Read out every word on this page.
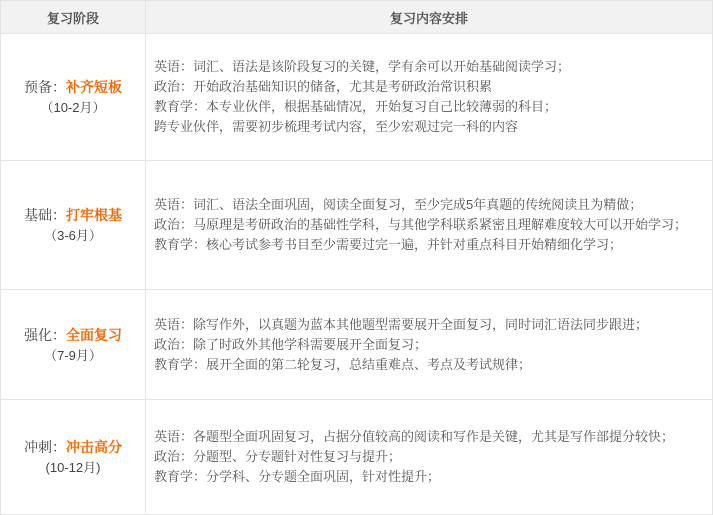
复习阶段	复习内容安排
预备：补齐短板
（10-2月）
英语：词汇、语法是该阶段复习的关键，学有余可以开始基础阅读学习；
政治：开始政治基础知识的储备，尤其是考研政治常识积累
教育学：本专业伙伴，根据基础情况，开始复习自己比较薄弱的科目；
跨专业伙伴，需要初步梳理考试内容，至少宏观过完一科的内容
基础：打牢根基
（3-6月）
英语：词汇、语法全面巩固，阅读全面复习，至少完成5年真题的传统阅读且为精做；
政治：马原理是考研政治的基础性学科，与其他学科联系紧密且理解难度较大可以开始学习；
教育学：核心考试参考书目至少需要过完一遍，并针对重点科目开始精细化学习；
强化：全面复习
（7-9月）
英语：除写作外，以真题为蓝本其他题型需要展开全面复习，同时词汇语法同步跟进；
政治：除了时政外其他学科需要展开全面复习；
教育学：展开全面的第二轮复习，总结重难点、考点及考试规律；
冲刺：冲击高分
(10-12月)
英语：各题型全面巩固复习，占据分值较高的阅读和写作是关键，尤其是写作部提分较快；
政治：分题型、分专题针对性复习与提升；
教育学：分学科、分专题全面巩固，针对性提升；
